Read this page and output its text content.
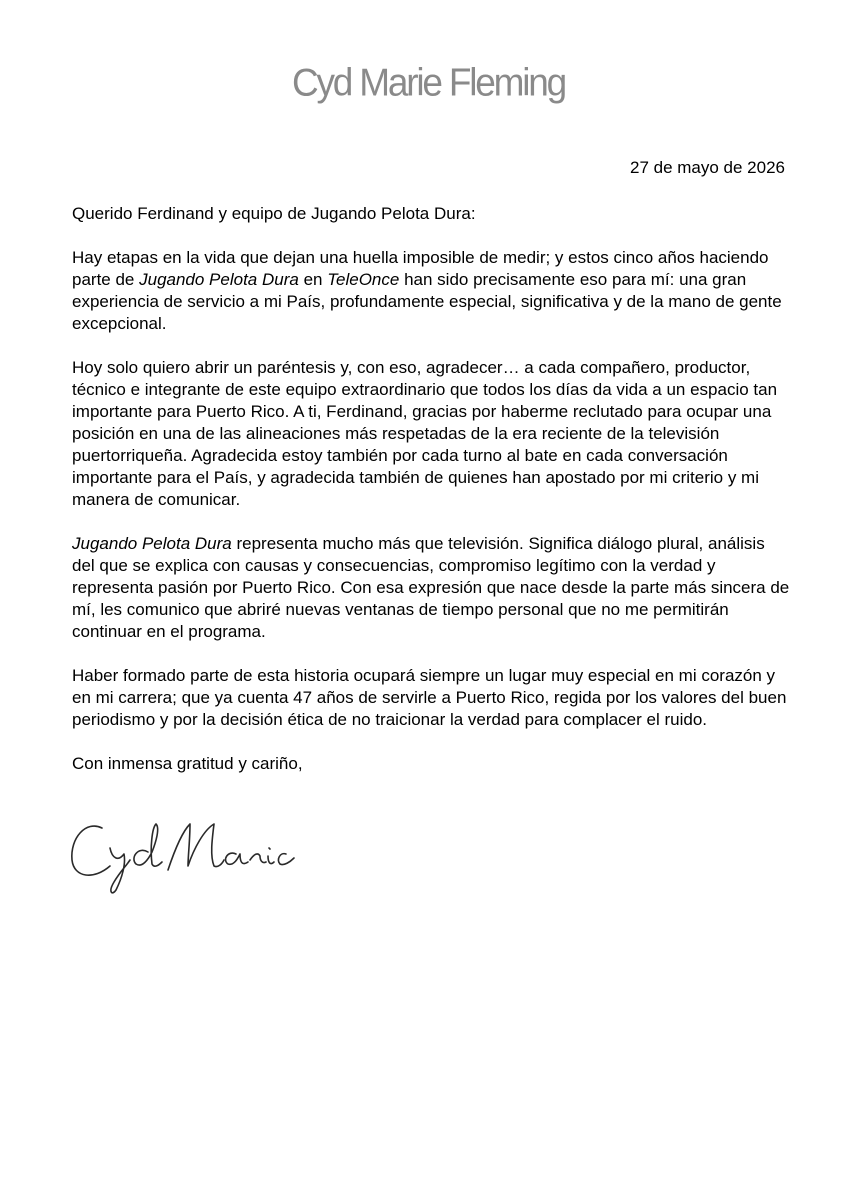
Cyd Marie Fleming
27 de mayo de 2026

Querido Ferdinand y equipo de Jugando Pelota Dura:

Hay etapas en la vida que dejan una huella imposible de medir; y estos cinco años haciendo parte de Jugando Pelota Dura en TeleOnce han sido precisamente eso para mí: una gran experiencia de servicio a mi País, profundamente especial, significativa y de la mano de gente excepcional.

Hoy solo quiero abrir un paréntesis y, con eso, agradecer… a cada compañero, productor, técnico e integrante de este equipo extraordinario que todos los días da vida a un espacio tan importante para Puerto Rico. A ti, Ferdinand, gracias por haberme reclutado para ocupar una posición en una de las alineaciones más respetadas de la era reciente de la televisión puertorriqueña. Agradecida estoy también por cada turno al bate en cada conversación importante para el País, y agradecida también de quienes han apostado por mi criterio y mi manera de comunicar.

Jugando Pelota Dura representa mucho más que televisión. Significa diálogo plural, análisis del que se explica con causas y consecuencias, compromiso legítimo con la verdad y representa pasión por Puerto Rico. Con esa expresión que nace desde la parte más sincera de mí, les comunico que abriré nuevas ventanas de tiempo personal que no me permitirán continuar en el programa.

Haber formado parte de esta historia ocupará siempre un lugar muy especial en mi corazón y en mi carrera; que ya cuenta 47 años de servirle a Puerto Rico, regida por los valores del buen periodismo y por la decisión ética de no traicionar la verdad para complacer el ruido.

Con inmensa gratitud y cariño,
